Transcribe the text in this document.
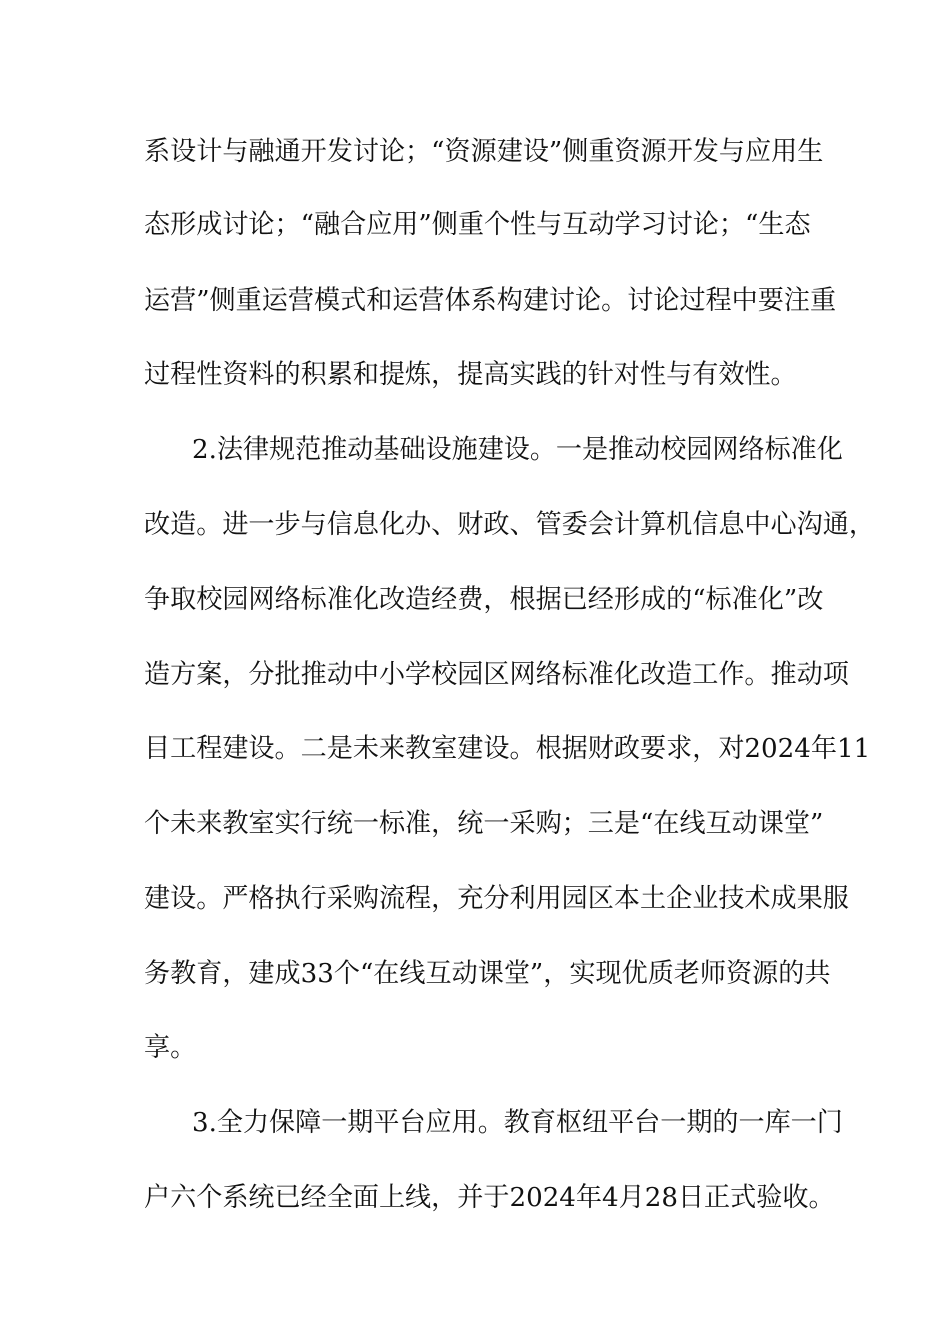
系设计与融通开发讨论；“资源建设”侧重资源开发与应用生
态形成讨论；“融合应用”侧重个性与互动学习讨论；“生态
运营”侧重运营模式和运营体系构建讨论。讨论过程中要注重
过程性资料的积累和提炼，提高实践的针对性与有效性。
2.法律规范推动基础设施建设。一是推动校园网络标准化
改造。进一步与信息化办、财政、管委会计算机信息中心沟通，
争取校园网络标准化改造经费，根据已经形成的“标准化”改
造方案，分批推动中小学校园区网络标准化改造工作。推动项
目工程建设。二是未来教室建设。根据财政要求，对2024年11
个未来教室实行统一标准，统一采购；三是“在线互动课堂”
建设。严格执行采购流程，充分利用园区本土企业技术成果服
务教育，建成33个“在线互动课堂”，实现优质老师资源的共
享。
3.全力保障一期平台应用。教育枢纽平台一期的一库一门
户六个系统已经全面上线，并于2024年4月28日正式验收。
